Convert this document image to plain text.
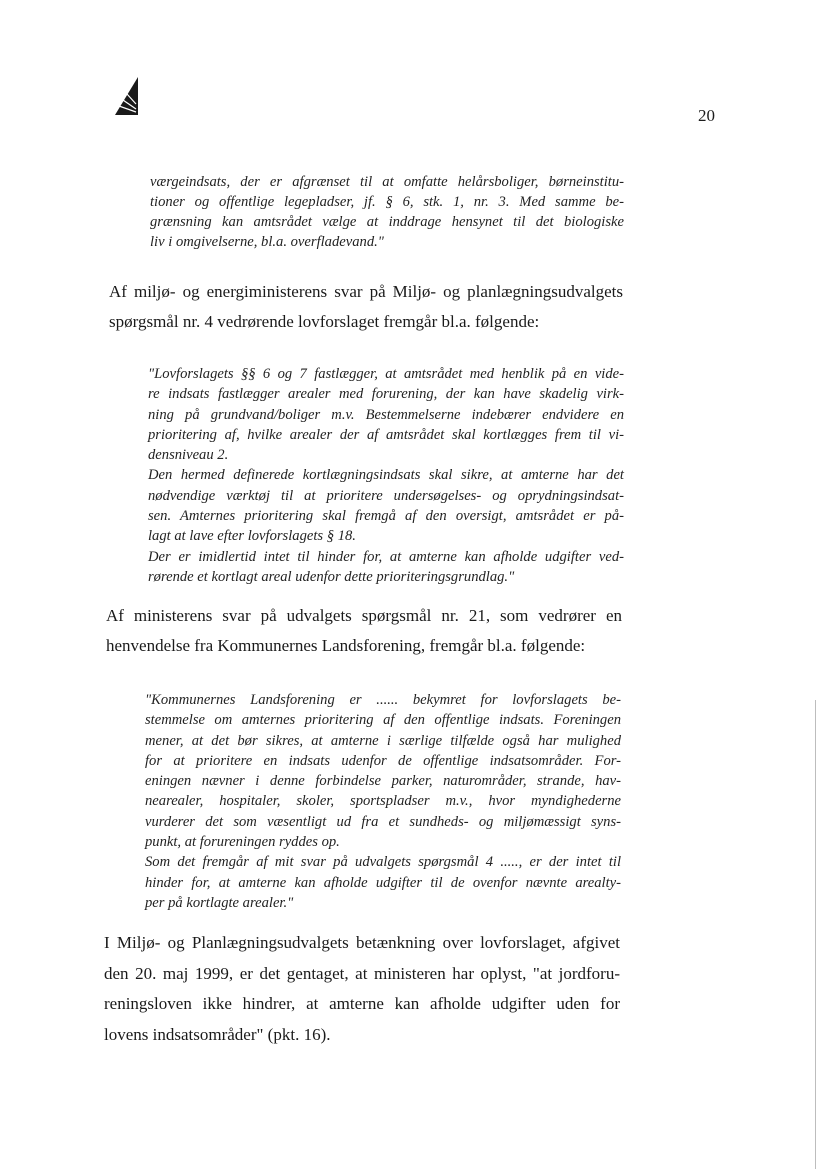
20
værgeindsats, der er afgrænset til at omfatte helårsboliger, børneinstitu-
tioner og offentlige legepladser, jf. § 6, stk. 1, nr. 3. Med samme be-
grænsning kan amtsrådet vælge at inddrage hensynet til det biologiske
liv i omgivelserne, bl.a. overfladevand."
Af miljø- og energiministerens svar på Miljø- og planlægningsudvalgets
spørgsmål nr. 4 vedrørende lovforslaget fremgår bl.a. følgende:
"Lovforslagets §§ 6 og 7 fastlægger, at amtsrådet med henblik på en vide-
re indsats fastlægger arealer med forurening, der kan have skadelig virk-
ning på grundvand/boliger m.v. Bestemmelserne indebærer endvidere en
prioritering af, hvilke arealer der af amtsrådet skal kortlægges frem til vi-
densniveau 2.
Den hermed definerede kortlægningsindsats skal sikre, at amterne har det
nødvendige værktøj til at prioritere undersøgelses- og oprydningsindsat-
sen. Amternes prioritering skal fremgå af den oversigt, amtsrådet er på-
lagt at lave efter lovforslagets § 18.
Der er imidlertid intet til hinder for, at amterne kan afholde udgifter ved-
rørende et kortlagt areal udenfor dette prioriteringsgrundlag."
Af ministerens svar på udvalgets spørgsmål nr. 21, som vedrører en
henvendelse fra Kommunernes Landsforening, fremgår bl.a. følgende:
"Kommunernes Landsforening er ...... bekymret for lovforslagets be-
stemmelse om amternes prioritering af den offentlige indsats. Foreningen
mener, at det bør sikres, at amterne i særlige tilfælde også har mulighed
for at prioritere en indsats udenfor de offentlige indsatsområder. For-
eningen nævner i denne forbindelse parker, naturområder, strande, hav-
nearealer, hospitaler, skoler, sportspladser m.v., hvor myndighederne
vurderer det som væsentligt ud fra et sundheds- og miljømæssigt syns-
punkt, at forureningen ryddes op.
Som det fremgår af mit svar på udvalgets spørgsmål 4 ....., er der intet til
hinder for, at amterne kan afholde udgifter til de ovenfor nævnte arealty-
per på kortlagte arealer."
I Miljø- og Planlægningsudvalgets betænkning over lovforslaget, afgivet
den 20. maj 1999, er det gentaget, at ministeren har oplyst, "at jordforu-
reningsloven ikke hindrer, at amterne kan afholde udgifter uden for
lovens indsatsområder" (pkt. 16).
